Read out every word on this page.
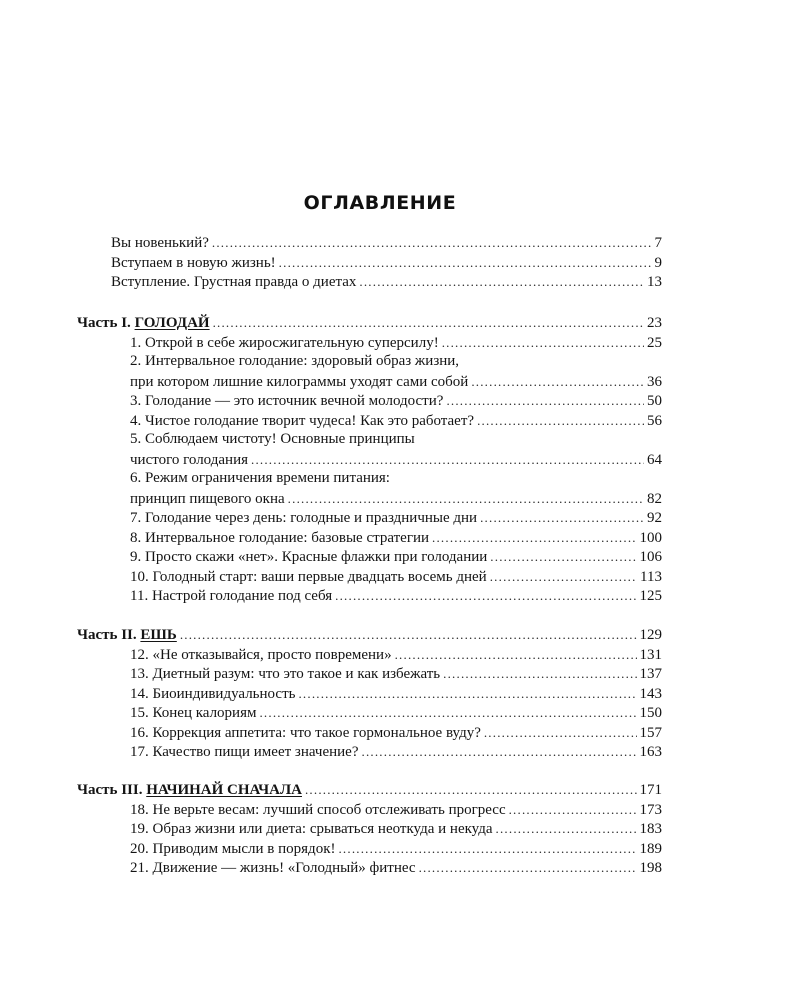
ОГЛАВЛЕНИЕ
Вы новенький? .....	7
Вступаем в новую жизнь! .....	9
Вступление. Грустная правда о диетах .....	13
Часть I. ГОЛОДАЙ .....	23
1. Открой в себе жиросжигательную суперсилу! .....	25
2. Интервальное голодание: здоровый образ жизни,
при котором лишние килограммы уходят сами собой .....	36
3. Голодание — это источник вечной молодости? .....	50
4. Чистое голодание творит чудеса! Как это работает? .....	56
5. Соблюдаем чистоту! Основные принципы
чистого голодания .....	64
6. Режим ограничения времени питания:
принцип пищевого окна .....	82
7. Голодание через день: голодные и праздничные дни .....	92
8. Интервальное голодание: базовые стратегии .....	100
9. Просто скажи «нет». Красные флажки при голодании .....	106
10. Голодный старт: ваши первые двадцать восемь дней .....	113
11. Настрой голодание под себя .....	125
Часть II. ЕШЬ .....	129
12. «Не отказывайся, просто повремени» .....	131
13. Диетный разум: что это такое и как избежать .....	137
14. Биоиндивидуальность .....	143
15. Конец калориям .....	150
16. Коррекция аппетита: что такое гормональное вуду? .....	157
17. Качество пищи имеет значение? .....	163
Часть III. НАЧИНАЙ СНАЧАЛА .....	171
18. Не верьте весам: лучший способ отслеживать прогресс .....	173
19. Образ жизни или диета: срываться неоткуда и некуда .....	183
20. Приводим мысли в порядок! .....	189
21. Движение — жизнь! «Голодный» фитнес .....	198
